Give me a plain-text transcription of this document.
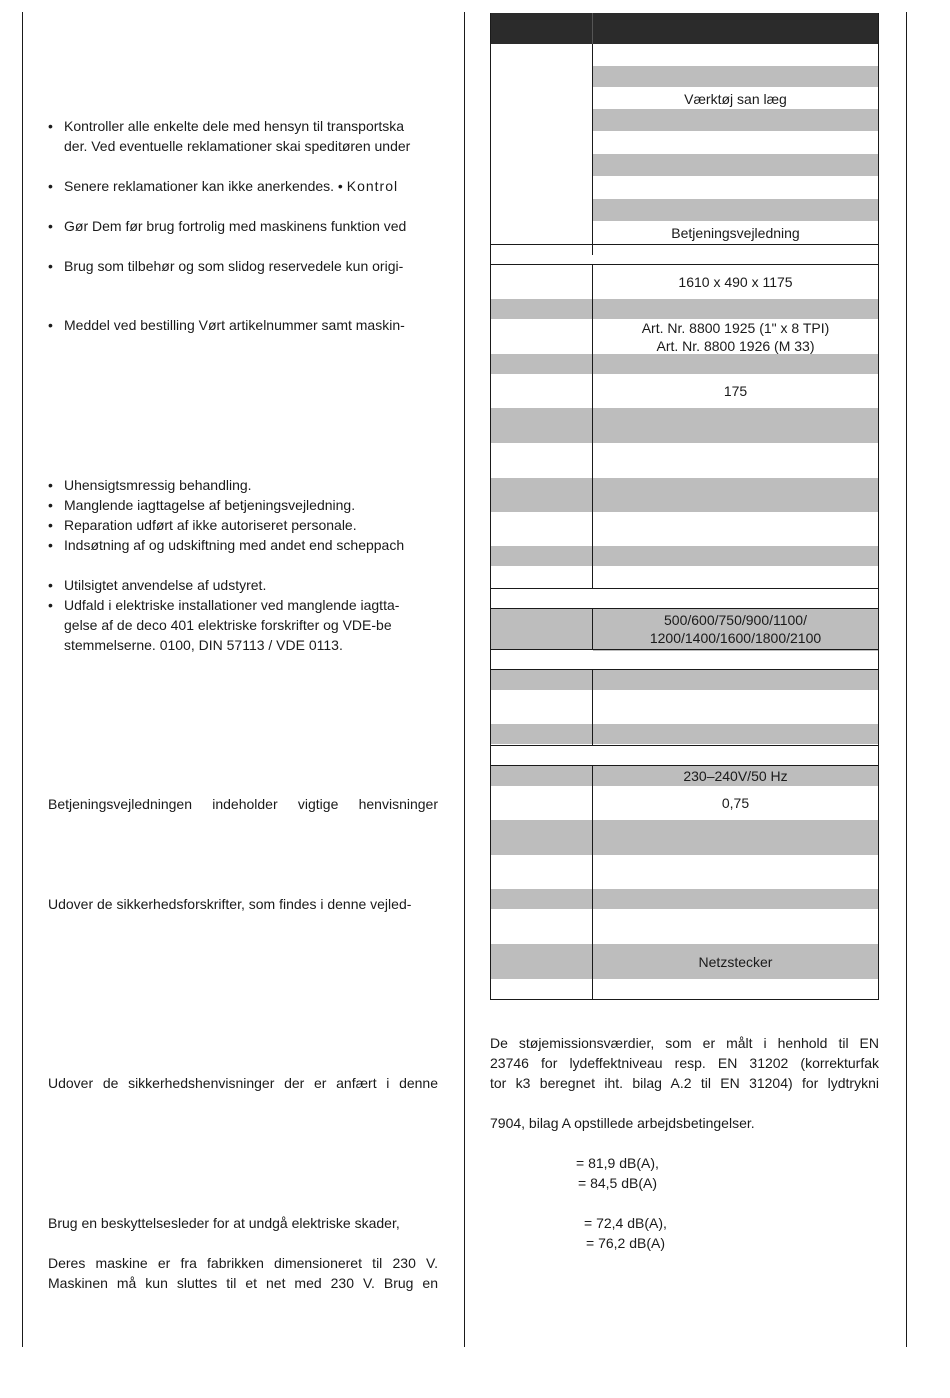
• Kontroller alle enkelte dele med hensyn til transportska
der. Ved eventuelle reklamationer skai speditøren under
• Senere reklamationer kan ikke anerkendes. • Kontrol
• Gør Dem før brug fortrolig med maskinens funktion ved
• Brug som tilbehør og som slidog reservedele kun origi-
• Meddel ved bestilling Vørt artikelnummer samt maskin-
• Uhensigtsmressig behandling.
• Manglende iagttagelse af betjeningsvejledning.
• Reparation udført af ikke autoriseret personale.
• Indsøtning af og udskiftning med andet end scheppach
• Utilsigtet anvendelse af udstyret.
• Udfald i elektriske installationer ved manglende iagtta-
gelse af de deco 401 elektriske forskrifter og VDE-be
stemmelserne. 0100, DIN 57113 / VDE 0113.
Betjeningsvejledningen indeholder vigtige henvisninger
Udover de sikkerhedsforskrifter, som findes i denne vejled-
Udover de sikkerhedshenvisninger der er anfært i denne
Brug en beskyttelsesleder for at undgå elektriske skader,
Deres maskine er fra fabrikken dimensioneret til 230 V.
Maskinen må kun sluttes til et net med 230 V. Brug en
Værktøj san læg
Betjeningsvejledning
1610 x 490 x 1175
Art. Nr. 8800 1925 (1" x 8 TPI)
Art. Nr. 8800 1926 (M 33)
175
500/600/750/900/1100/
1200/1400/1600/1800/2100
230–240V/50 Hz
0,75
Netzstecker
De støjemissionsværdier, som er målt i henhold til EN
23746 for lydeffektniveau resp. EN 31202 (korrekturfak
tor k3 beregnet iht. bilag A.2 til EN 31204) for lydtrykni
7904, bilag A opstillede arbejdsbetingelser.
= 81,9 dB(A),
= 84,5 dB(A)
= 72,4 dB(A),
= 76,2 dB(A)
